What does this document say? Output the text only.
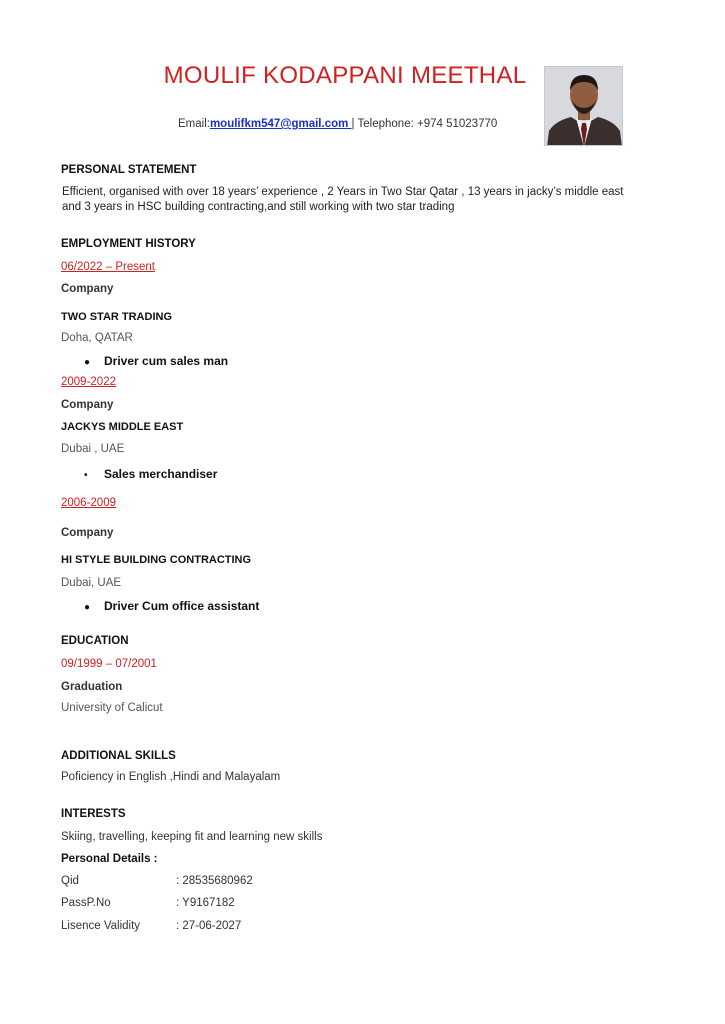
MOULIF KODAPPANI MEETHAL
Email:moulifkm547@gmail.com | Telephone: +974 51023770
PERSONAL STATEMENT
Efficient, organised with over 18 years’ experience , 2 Years in Two Star Qatar , 13 years in jacky’s middle east and 3 years in HSC building contracting,and still working with two star trading
EMPLOYMENT HISTORY
06/2022 – Present
Company
TWO STAR TRADING
Doha, QATAR
● Driver cum sales man
2009-2022
Company
JACKYS MIDDLE EAST
Dubai , UAE
• Sales merchandiser
2006-2009
Company
HI STYLE BUILDING CONTRACTING
Dubai, UAE
● Driver Cum office assistant
EDUCATION
09/1999 – 07/2001
Graduation
University of Calicut
ADDITIONAL SKILLS
Poficiency in English ,Hindi and Malayalam
INTERESTS
Skiing, travelling, keeping fit and learning new skills
Personal Details :
Qid	: 28535680962
PassP.No	: Y9167182
Lisence Validity	: 27-06-2027
